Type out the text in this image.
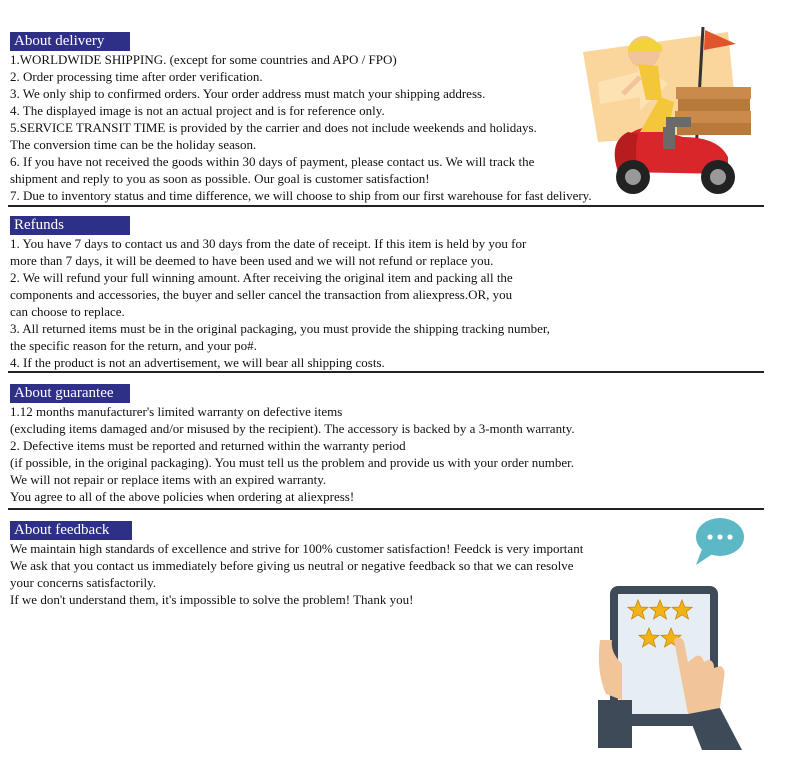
About delivery
1.WORLDWIDE SHIPPING. (except for some countries and APO / FPO)
2. Order processing time after order verification.
3. We only ship to confirmed orders. Your order address must match your shipping address.
4. The displayed image is not an actual project and is for reference only.
5.SERVICE TRANSIT TIME is provided by the carrier and does not include weekends and holidays.
The conversion time can be the holiday season.
6. If you have not received the goods within 30 days of payment, please contact us. We will track the
shipment and reply to you as soon as possible. Our goal is customer satisfaction!
7. Due to inventory status and time difference, we will choose to ship from our first warehouse for fast delivery.
Refunds
1. You have 7 days to contact us and 30 days from the date of receipt. If this item is held by you for
more than 7 days, it will be deemed to have been used and we will not refund or replace you.
2. We will refund your full winning amount. After receiving the original item and packing all the
components and accessories, the buyer and seller cancel the transaction from aliexpress.OR, you
can choose to replace.
3. All returned items must be in the original packaging, you must provide the shipping tracking number,
the specific reason for the return, and your po#.
4. If the product is not an advertisement, we will bear all shipping costs.
About guarantee
1.12 months manufacturer's limited warranty on defective items
(excluding items damaged and/or misused by the recipient). The accessory is backed by a 3-month warranty.
2. Defective items must be reported and returned within the warranty period
(if possible, in the original packaging). You must tell us the problem and provide us with your order number.
We will not repair or replace items with an expired warranty.
You agree to all of the above policies when ordering at aliexpress!
About feedback
We maintain high standards of excellence and strive for 100% customer satisfaction! Feedck is very important
We ask that you contact us immediately before giving us neutral or negative feedback so that we can resolve
your concerns satisfactorily.
If we don't understand them, it's impossible to solve the problem! Thank you!
